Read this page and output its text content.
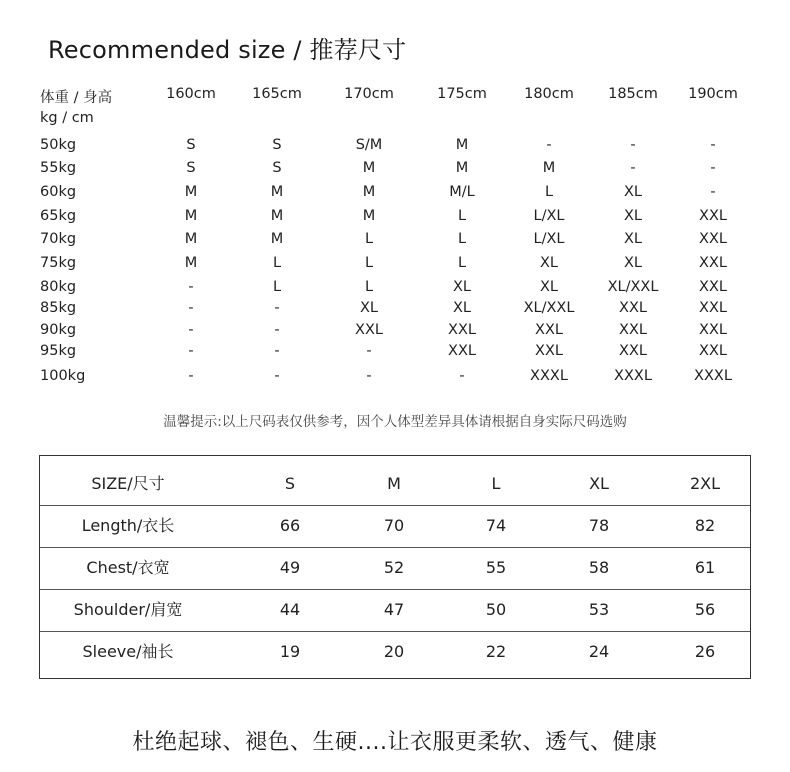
Recommended size / 推荐尺寸
体重 / 身高
kg / cm
160cm 165cm	170cm	175cm	180cm 185cm 190cm
50kg	S	S	S/M	M	-	-	-
55kg	S	S	M	M	M	-	-
60kg	M	M	M	M/L	L	XL	-
65kg	M	M	M	L	L/XL	XL	XXL
70kg	M	M	L	L	L/XL	XL	XXL
75kg	M	L	L	L	XL	XL	XXL
80kg	-	L	L	XL	XL	XL/XXL	XXL
85kg	-	-	XL	XL	XL/XXL	XXL	XXL
90kg	-	-	XXL	XXL	XXL	XXL	XXL
95kg	-	-	-	XXL	XXL	XXL	XXL
100kg	-	-	-	-	XXXL	XXXL	XXXL
温馨提示:以上尺码表仅供参考，因个人体型差异具体请根据自身实际尺码选购
SIZE/尺寸	S	M	L	XL	2XL
Length/衣长	66	70	74	78	82
Chest/衣宽	49	52	55	58	61
Shoulder/肩宽	44	47	50	53	56
Sleeve/袖长	19	20	22	24	26
杜绝起球、褪色、生硬....让衣服更柔软、透气、健康
